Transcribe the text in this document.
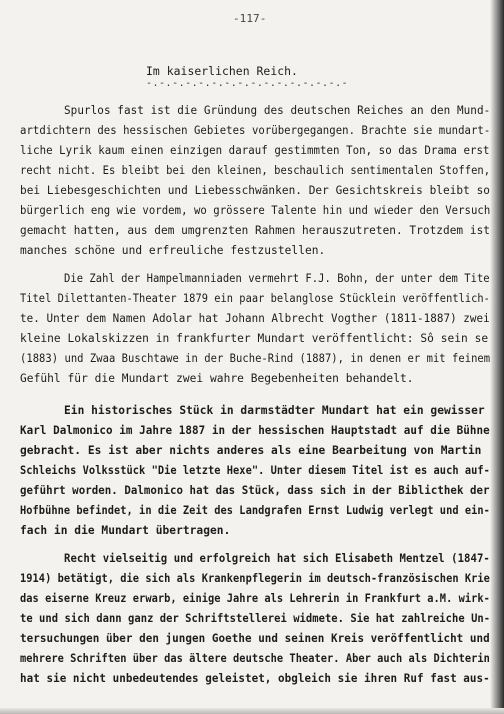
-117-
Im kaiserlichen Reich.
-.-.-.-.-.-.-.-.-.-.-.-.-.-.-.-
Spurlos fast ist die Gründung des deutschen Reiches an den Mund-
artdichtern des hessischen Gebietes vorübergegangen. Brachte sie mundart-
liche Lyrik kaum einen einzigen darauf gestimmten Ton, so das Drama erst
recht nicht. Es bleibt bei den kleinen, beschaulich sentimentalen Stoffen,
bei Liebesgeschichten und Liebesschwänken. Der Gesichtskreis bleibt so
bürgerlich eng wie vordem, wo grössere Talente hin und wieder den Versuch
gemacht hatten, aus dem umgrenzten Rahmen herauszutreten. Trotzdem ist
manches schöne und erfreuliche festzustellen.
Die Zahl der Hampelmanniaden vermehrt F.J. Bohn, der unter dem Tite
Titel Dilettanten-Theater 1879 ein paar belanglose Stücklein veröffentlich-
te. Unter dem Namen Adolar hat Johann Albrecht Vogther (1811-1887) zwei
kleine Lokalskizzen in frankfurter Mundart veröffentlicht: Sô sein se
(1883) und Zwaa Buschtawe in der Buche-Rind (1887), in denen er mit feinem
Gefühl für die Mundart zwei wahre Begebenheiten behandelt.
Ein historisches Stück in darmstädter Mundart hat ein gewisser
Karl Dalmonico im Jahre 1887 in der hessischen Hauptstadt auf die Bühne
gebracht. Es ist aber nichts anderes als eine Bearbeitung von Martin
Schleichs Volksstück "Die letzte Hexe". Unter diesem Titel ist es auch auf-
geführt worden. Dalmonico hat das Stück, dass sich in der Biblicthek der
Hofbühne befindet, in die Zeit des Landgrafen Ernst Ludwig verlegt und ein-
fach in die Mundart übertragen.
Recht vielseitig und erfolgreich hat sich Elisabeth Mentzel (1847-
1914) betätigt, die sich als Krankenpflegerin im deutsch-französischen Krie
das eiserne Kreuz erwarb, einige Jahre als Lehrerin in Frankfurt a.M. wirk-
te und sich dann ganz der Schriftstellerei widmete. Sie hat zahlreiche Un-
tersuchungen über den jungen Goethe und seinen Kreis veröffentlicht und
mehrere Schriften über das ältere deutsche Theater. Aber auch als Dichterin
hat sie nicht unbedeutendes geleistet, obgleich sie ihren Ruf fast aus-
